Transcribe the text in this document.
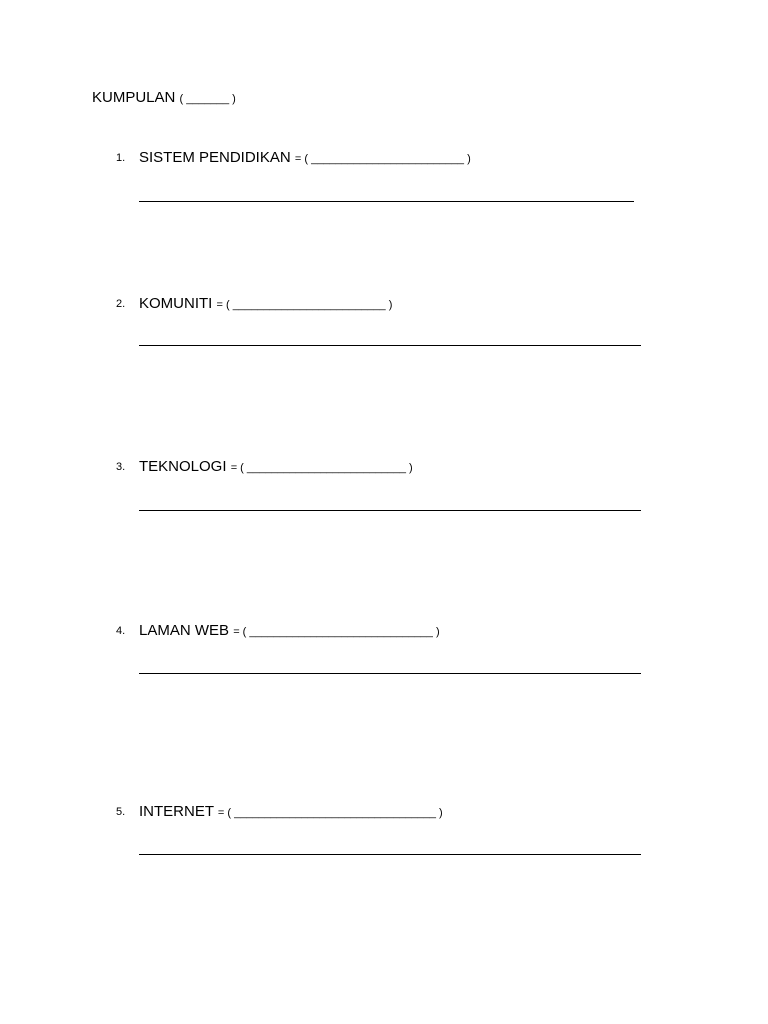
KUMPULAN ( _______ )
1. SISTEM PENDIDIKAN = ( _________________________ )
2. KOMUNITI = ( _________________________ )
3. TEKNOLOGI = ( __________________________ )
4. LAMAN WEB = ( ______________________________ )
5. INTERNET = ( _________________________________ )
